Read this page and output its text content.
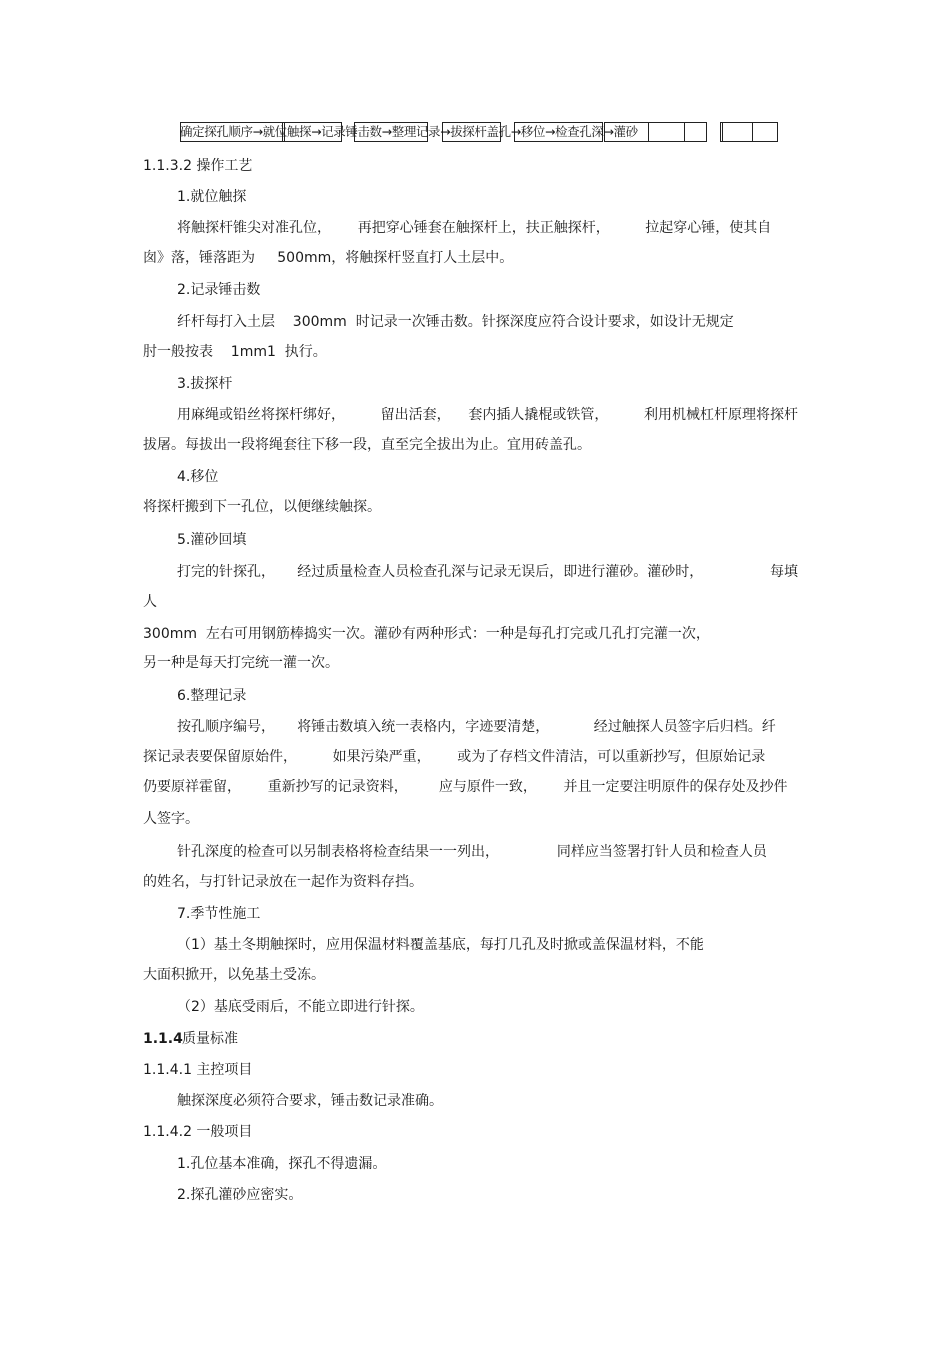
确定探孔顺序→就位触探→记录锤击数→整理记录→拔探杆盖孔→移位→检查孔深→灌砂
1.1.3.2 操作工艺
1.就位触探
将触探杆锥尖对准孔位，      再把穿心锤套在触探杆上，扶正触探杆，        拉起穿心锤，使其自
囱》落，锤落距为     500mm，将触探杆竖直打人土层中。
2.记录锤击数
纤杆每打入土层    300mm  时记录一次锤击数。针探深度应符合设计要求，如设计无规定
肘一般按表    1mm1  执行。
3.拔探杆
用麻绳或铅丝将探杆绑好，        留出活套，    套内插人撬棍或铁管，        利用机械杠杆原理将探杆
拔屠。每拔出一段将绳套往下移一段，直至完全拔出为止。宜用砖盖孔。
4.移位
将探杆搬到下一孔位，以便继续触探。
5.灌砂回填
打完的针探孔，     经过质量检查人员检查孔深与记录无误后，即进行灌砂。灌砂时，               每填
人
300mm  左右可用钢筋棒捣实一次。灌砂有两种形式：一种是每孔打完或几孔打完灌一次，
另一种是每天打完统一灌一次。
6.整理记录
按孔顺序编号，     将锤击数填入统一表格内，字迹要清楚，          经过触探人员签字后归档。纤
探记录表要保留原始件，        如果污染严重，      或为了存档文件清洁，可以重新抄写，但原始记录
仍要原祥霍留，      重新抄写的记录资料，       应与原件一致，      并且一定要注明原件的保存处及抄件
人签字。
针孔深度的检查可以另制表格将检查结果一一列出，             同样应当签署打针人员和检查人员
的姓名，与打针记录放在一起作为资料存挡。
7.季节性施工
（1）基土冬期触探时，应用保温材料覆盖基底，每打几孔及时掀或盖保温材料，不能
大面积掀开，以免基土受冻。
（2）基底受雨后，不能立即进行针探。
1.1.4 质量标准
1.1.4.1 主控项目
触探深度必须符合要求，锤击数记录准确。
1.1.4.2 一般项目
1.孔位基本准确，探孔不得遗漏。
2.探孔灌砂应密实。
